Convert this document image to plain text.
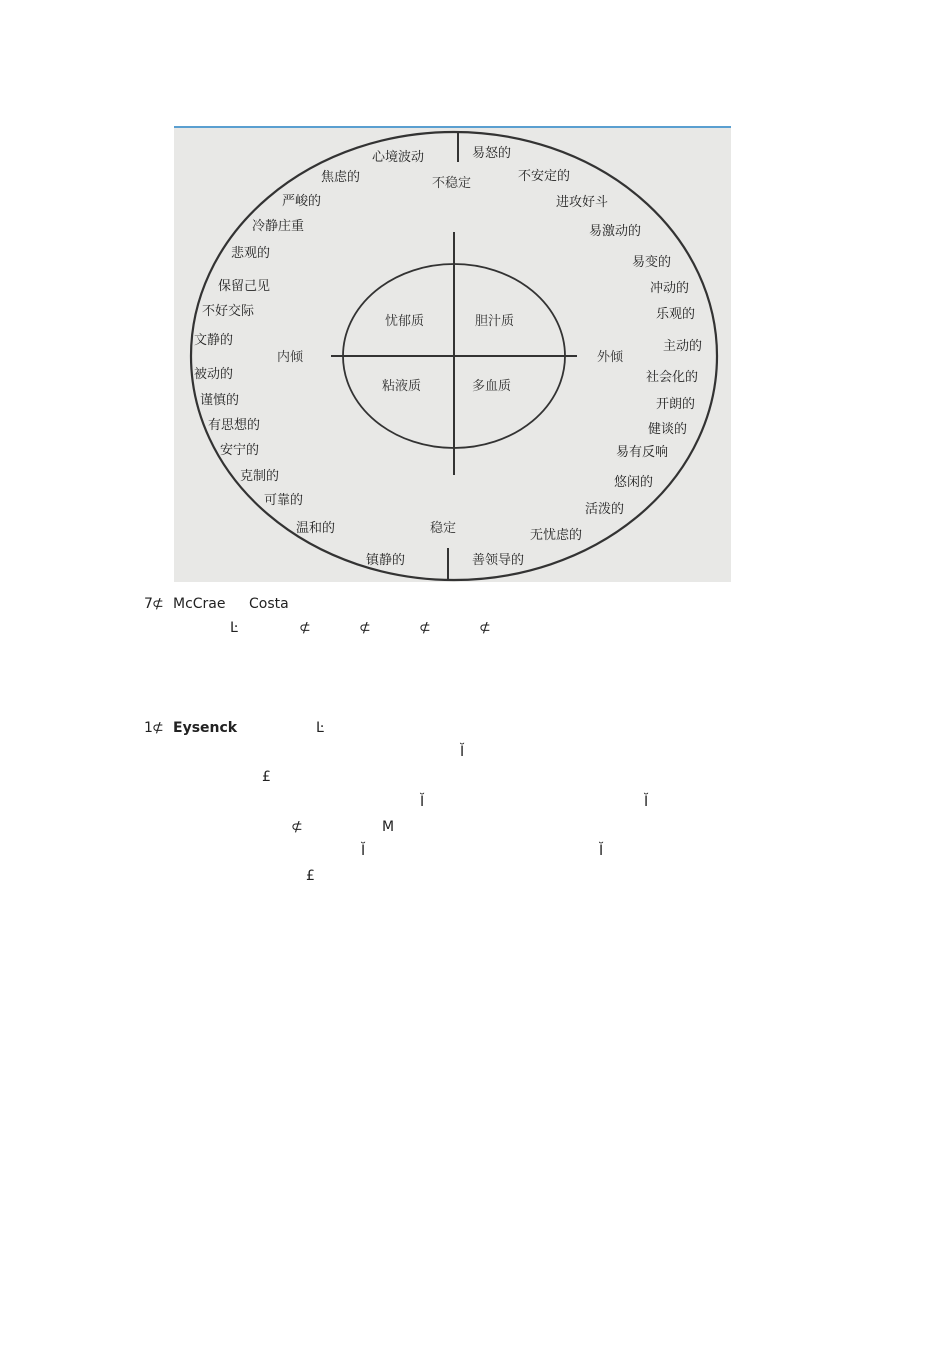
心境波动
焦虑的
严峻的
冷静庄重
悲观的
保留己见
不好交际
文静的
被动的
谨慎的
有思想的
安宁的
克制的
可靠的
温和的
镇静的
易怒的
不安定的
进攻好斗
易激动的
易变的
冲动的
乐观的
主动的
社会化的
开朗的
健谈的
易有反响
悠闲的
活泼的
无忧虑的
善领导的
不稳定
稳定
内倾	外倾
忧郁质	胆汁质
粘液质	多血质
7 ⊄ McCrae Costa
Ŀ	⊄	⊄	⊄	⊄
1 ⊄ Eysenck	Ŀ
Ĭ
£
Ĭ	Ĭ
⊄	M
Ĭ	Ĭ
£
